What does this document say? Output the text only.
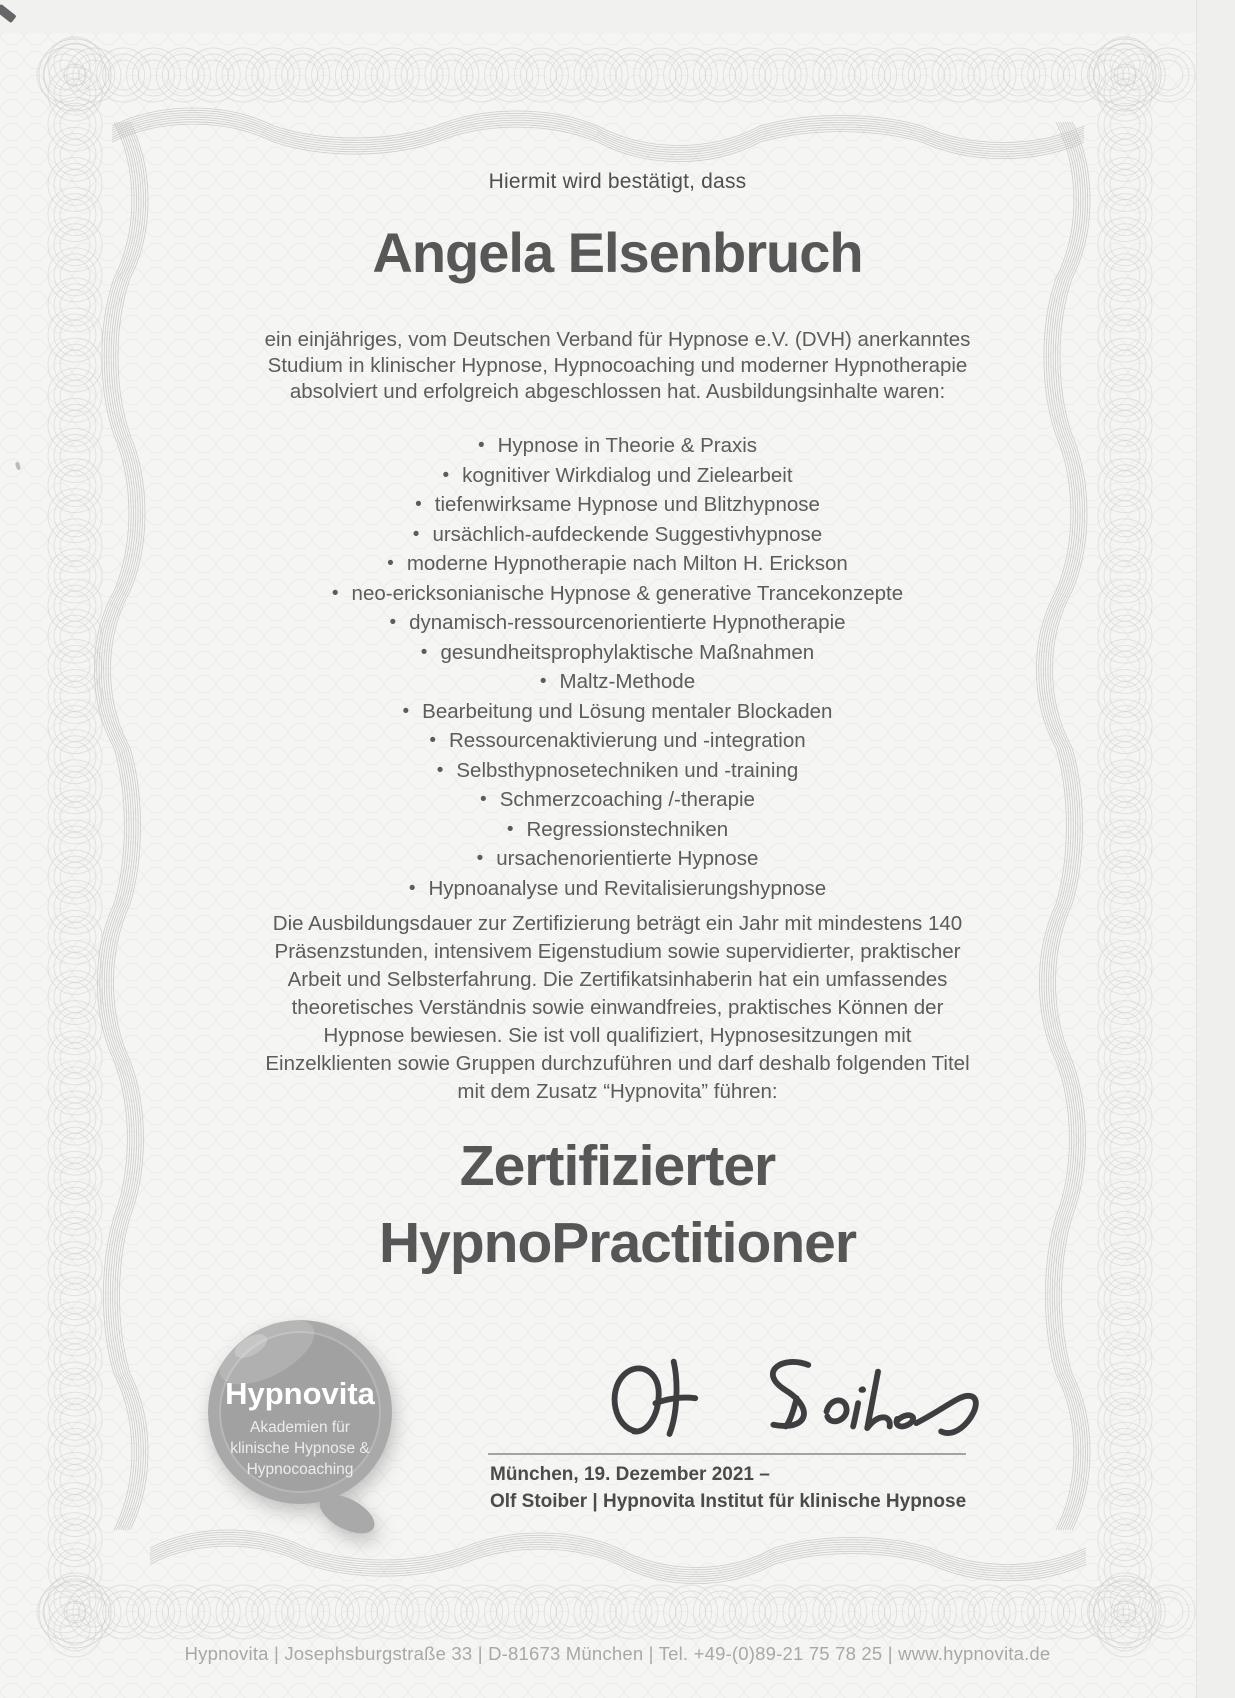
Hiermit wird bestätigt, dass
Angela Elsenbruch
ein einjähriges, vom Deutschen Verband für Hypnose e.V. (DVH) anerkanntes Studium in klinischer Hypnose, Hypnocoaching und moderner Hypnotherapie absolviert und erfolgreich abgeschlossen hat. Ausbildungsinhalte waren:
• Hypnose in Theorie & Praxis
• kognitiver Wirkdialog und Zielearbeit
• tiefenwirksame Hypnose und Blitzhypnose
• ursächlich-aufdeckende Suggestivhypnose
• moderne Hypnotherapie nach Milton H. Erickson
• neo-ericksonianische Hypnose & generative Trancekonzepte
• dynamisch-ressourcenorientierte Hypnotherapie
• gesundheitsprophylaktische Maßnahmen
• Maltz-Methode
• Bearbeitung und Lösung mentaler Blockaden
• Ressourcenaktivierung und -integration
• Selbsthypnosetechniken und -training
• Schmerzcoaching /-therapie
• Regressionstechniken
• ursachenorientierte Hypnose
• Hypnoanalyse und Revitalisierungshypnose
Die Ausbildungsdauer zur Zertifizierung beträgt ein Jahr mit mindestens 140 Präsenzstunden, intensivem Eigenstudium sowie supervidierter, praktischer Arbeit und Selbsterfahrung. Die Zertifikatsinhaberin hat ein umfassendes theoretisches Verständnis sowie einwandfreies, praktisches Können der Hypnose bewiesen. Sie ist voll qualifiziert, Hypnosesitzungen mit Einzelklienten sowie Gruppen durchzuführen und darf deshalb folgenden Titel mit dem Zusatz “Hypnovita” führen:
Zertifizierter
HypnoPractitioner
Hypnovita
Akademien für
klinische Hypnose &
Hypnocoaching	München, 19. Dezember 2021 –
Olf Stoiber | Hypnovita Institut für klinische Hypnose
Hypnovita | Josephsburgstraße 33 | D-81673 München | Tel. +49-(0)89-21 75 78 25 | www.hypnovita.de
